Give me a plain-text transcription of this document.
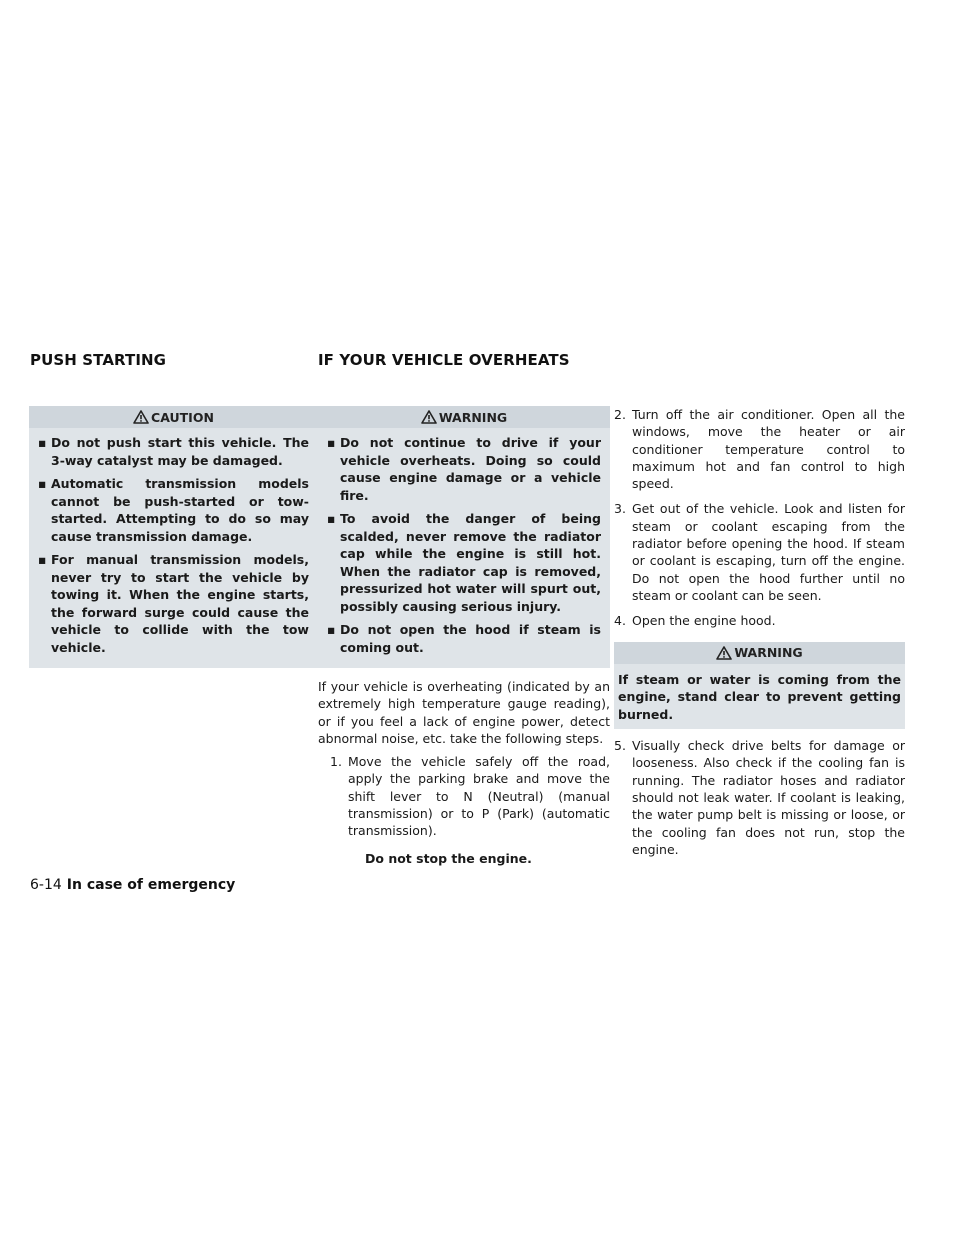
PUSH STARTING	IF YOUR VEHICLE OVERHEATS
CAUTION
▪ Do not push start this vehicle. The 3-way catalyst may be damaged.
▪ Automatic transmission models cannot be push-started or tow-started. Attempting to do so may cause transmission damage.
▪ For manual transmission models, never try to start the vehicle by towing it. When the engine starts, the forward surge could cause the vehicle to collide with the tow vehicle.
WARNING
▪ Do not continue to drive if your vehicle overheats. Doing so could cause engine damage or a vehicle fire.
▪ To avoid the danger of being scalded, never remove the radiator cap while the engine is still hot. When the radiator cap is removed, pressurized hot water will spurt out, possibly causing serious injury.
▪ Do not open the hood if steam is coming out.

If your vehicle is overheating (indicated by an extremely high temperature gauge reading), or if you feel a lack of engine power, detect abnormal noise, etc. take the following steps.

1. Move the vehicle safely off the road, apply the parking brake and move the shift lever to N (Neutral) (manual transmission) or to P (Park) (automatic transmission).

Do not stop the engine.

2. Turn off the air conditioner. Open all the windows, move the heater or air conditioner temperature control to maximum hot and fan control to high speed.
3. Get out of the vehicle. Look and listen for steam or coolant escaping from the radiator before opening the hood. If steam or coolant is escaping, turn off the engine. Do not open the hood further until no steam or coolant can be seen.
4. Open the engine hood.
WARNING

If steam or water is coming from the engine, stand clear to prevent getting burned.

5. Visually check drive belts for damage or looseness. Also check if the cooling fan is running. The radiator hoses and radiator should not leak water. If coolant is leaking, the water pump belt is missing or loose, or the cooling fan does not run, stop the engine.
6-14 In case of emergency
